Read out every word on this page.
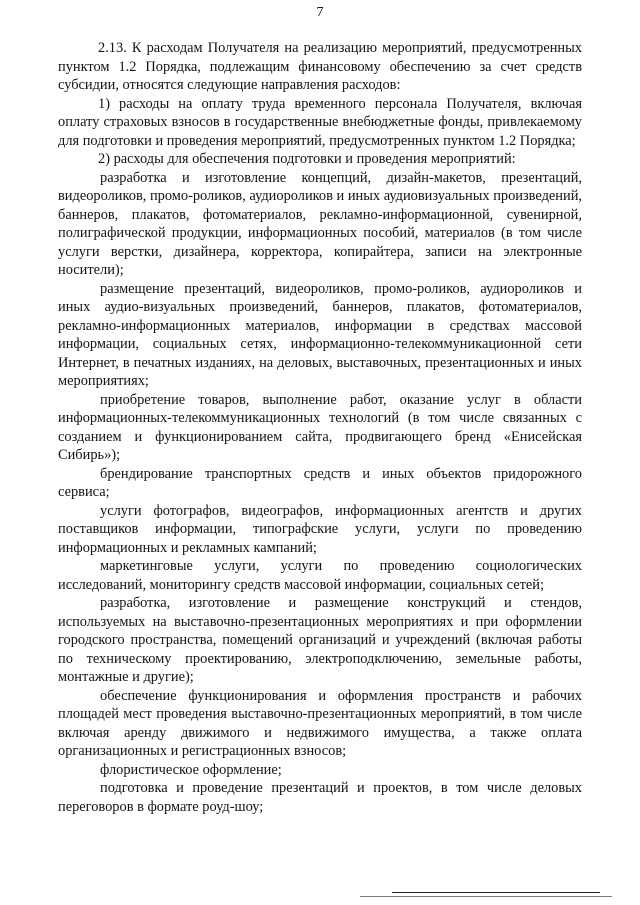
7

2.13. К расходам Получателя на реализацию мероприятий, предусмотренных пунктом 1.2 Порядка, подлежащим финансовому обеспечению за счет средств субсидии, относятся следующие направления расходов:

1) расходы на оплату труда временного персонала Получателя, включая оплату страховых взносов в государственные внебюджетные фонды, привлекаемому для подготовки и проведения мероприятий, предусмотренных пунктом 1.2 Порядка;

2) расходы для обеспечения подготовки и проведения мероприятий:

разработка и изготовление концепций, дизайн-макетов, презентаций, видеороликов, промо-роликов, аудиороликов и иных аудиовизуальных произведений, баннеров, плакатов, фотоматериалов, рекламно-информационной, сувенирной, полиграфической продукции, информационных пособий, материалов (в том числе услуги верстки, дизайнера, корректора, копирайтера, записи на электронные носители);

размещение презентаций, видеороликов, промо-роликов, аудиороликов и иных аудио-визуальных произведений, баннеров, плакатов, фотоматериалов, рекламно-информационных материалов, информации в средствах массовой информации, социальных сетях, информационно-телекоммуникационной сети Интернет, в печатных изданиях, на деловых, выставочных, презентационных и иных мероприятиях;

приобретение товаров, выполнение работ, оказание услуг в области информационных-телекоммуникационных технологий (в том числе связанных с созданием и функционированием сайта, продвигающего бренд «Енисейская Сибирь»);

брендирование транспортных средств и иных объектов придорожного сервиса;

услуги фотографов, видеографов, информационных агентств и других поставщиков информации, типографские услуги, услуги по проведению информационных и рекламных кампаний;

маркетинговые услуги, услуги по проведению социологических исследований, мониторингу средств массовой информации, социальных сетей;

разработка, изготовление и размещение конструкций и стендов, используемых на выставочно-презентационных мероприятиях и при оформлении городского пространства, помещений организаций и учреждений (включая работы по техническому проектированию, электроподключению, земельные работы, монтажные и другие);

обеспечение функционирования и оформления пространств и рабочих площадей мест проведения выставочно-презентационных мероприятий, в том числе включая аренду движимого и недвижимого имущества, а также оплата организационных и регистрационных взносов;

флористическое оформление;

подготовка и проведение презентаций и проектов, в том числе деловых переговоров в формате роуд-шоу;
